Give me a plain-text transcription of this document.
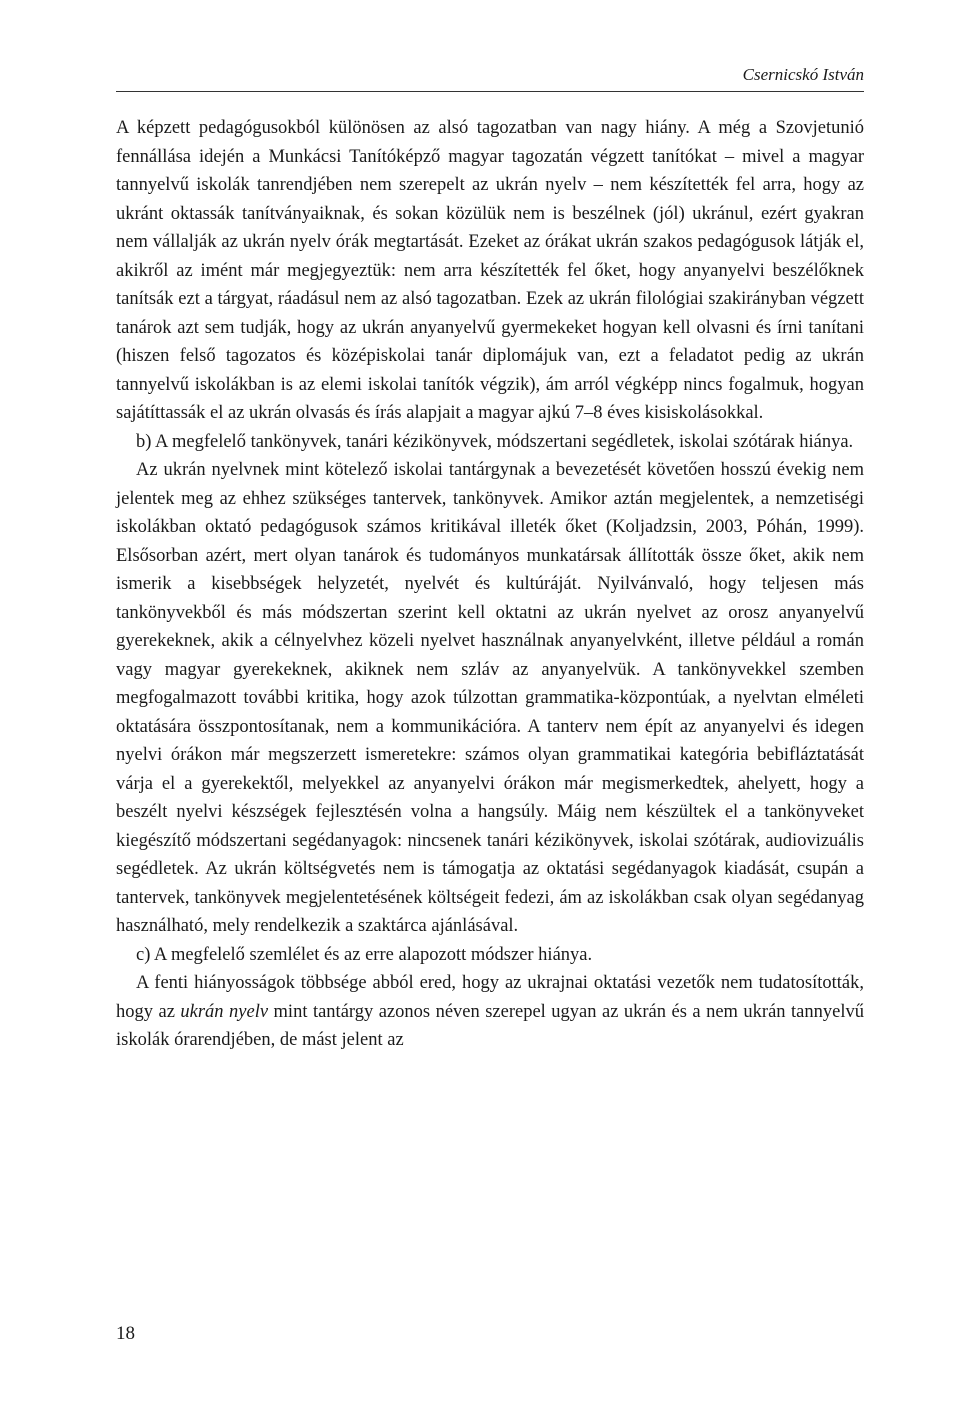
Csernicskó István

A képzett pedagógusokból különösen az alsó tagozatban van nagy hiány. A még a Szovjetunió fennállása idején a Munkácsi Tanítóképző magyar tagozatán végzett tanítókat – mivel a magyar tannyelvű iskolák tanrendjében nem szerepelt az ukrán nyelv – nem készítették fel arra, hogy az ukránt oktassák tanítványaiknak, és sokan közülük nem is beszélnek (jól) ukránul, ezért gyakran nem vállalják az ukrán nyelv órák megtartását. Ezeket az órákat ukrán szakos pedagógusok látják el, akikről az imént már megjegyeztük: nem arra készítették fel őket, hogy anyanyelvi beszélőknek tanítsák ezt a tárgyat, ráadásul nem az alsó tagozatban. Ezek az ukrán filológiai szakirányban végzett tanárok azt sem tudják, hogy az ukrán anyanyelvű gyermekeket hogyan kell olvasni és írni tanítani (hiszen felső tagozatos és középiskolai tanár diplomájuk van, ezt a feladatot pedig az ukrán tannyelvű iskolákban is az elemi iskolai tanítók végzik), ám arról végképp nincs fogalmuk, hogyan sajátíttassák el az ukrán olvasás és írás alapjait a magyar ajkú 7–8 éves kisiskolásokkal.

b) A megfelelő tankönyvek, tanári kézikönyvek, módszertani segédletek, iskolai szótárak hiánya.

Az ukrán nyelvnek mint kötelező iskolai tantárgynak a bevezetését követően hosszú évekig nem jelentek meg az ehhez szükséges tantervek, tankönyvek. Amikor aztán megjelentek, a nemzetiségi iskolákban oktató pedagógusok számos kritikával illeték őket (Koljadzsin, 2003, Póhán, 1999). Elsősorban azért, mert olyan tanárok és tudományos munkatársak állították össze őket, akik nem ismerik a kisebbségek helyzetét, nyelvét és kultúráját. Nyilvánvaló, hogy teljesen más tankönyvekből és más módszertan szerint kell oktatni az ukrán nyelvet az orosz anyanyelvű gyerekeknek, akik a célnyelvhez közeli nyelvet használnak anyanyelvként, illetve például a román vagy magyar gyerekeknek, akiknek nem szláv az anyanyelvük. A tankönyvekkel szemben megfogalmazott további kritika, hogy azok túlzottan grammatika-központúak, a nyelvtan elméleti oktatására összpontosítanak, nem a kommunikációra. A tanterv nem épít az anyanyelvi és idegen nyelvi órákon már megszerzett ismeretekre: számos olyan grammatikai kategória bebifláztatását várja el a gyerekektől, melyekkel az anyanyelvi órákon már megismerkedtek, ahelyett, hogy a beszélt nyelvi készségek fejlesztésén volna a hangsúly. Máig nem készültek el a tankönyveket kiegészítő módszertani segédanyagok: nincsenek tanári kézikönyvek, iskolai szótárak, audiovizuális segédletek. Az ukrán költségvetés nem is támogatja az oktatási segédanyagok kiadását, csupán a tantervek, tankönyvek megjelentetésének költségeit fedezi, ám az iskolákban csak olyan segédanyag használható, mely rendelkezik a szaktárca ajánlásával.

c) A megfelelő szemlélet és az erre alapozott módszer hiánya.

A fenti hiányosságok többsége abból ered, hogy az ukrajnai oktatási vezetők nem tudatosították, hogy az ukrán nyelv mint tantárgy azonos néven szerepel ugyan az ukrán és a nem ukrán tannyelvű iskolák órarendjében, de mást jelent az

18
